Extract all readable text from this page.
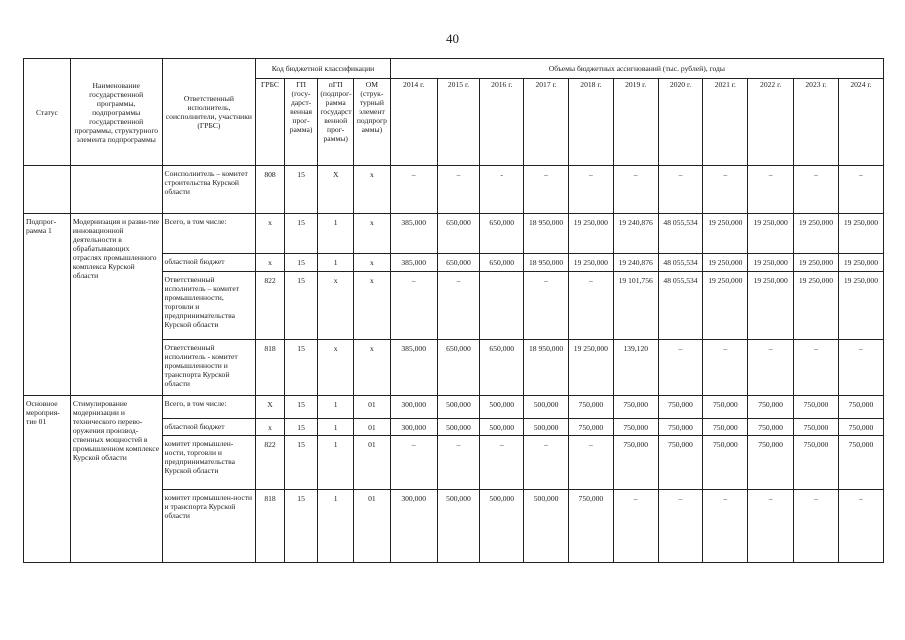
40
Статус	Наименование государственной программы, подпрограммы государственной программы, структурного элемента подпрограммы	Ответственный исполнитель, соисполнители, участники (ГРБС)	Код бюджетной классификации				Объемы бюджетных ассигнований (тыс. рублей), годы										
			ГРБС	ГП (госу-дарст-венная прог-рамма)	пГП (подпрог-рамма государст венной прог-раммы)	ОМ (струк-турный элемент подпрогр аммы)	2014 г.	2015 г.	2016 г.	2017 г.	2018 г.	2019 г.	2020 г.	2021 г.	2022 г.	2023 г.	2024 г.
		Соисполнитель – комитет строительства Курской области	808	15	Х	х	–	–	-	–	–	–	–	–	–	–	–
Подпрог-рамма 1	Модернизация и разви-тие инновационной деятельности в обрабатывающих отраслях промышленного комплекса Курской области	Всего, в том числе:	х	15	1	х	385,000	650,000	650,000	18 950,000	19 250,000	19 240,876	48 055,534	19 250,000	19 250,000	19 250,000	19 250,000
		областной бюджет	х	15	1	х	385,000	650,000	650,000	18 950,000	19 250,000	19 240,876	48 055,534	19 250,000	19 250,000	19 250,000	19 250,000
		Ответственный исполнитель – комитет промышленности, торговли и предпринимательства Курской области	822	15	х	х	–	–		–	–	19 101,756	48 055,534	19 250,000	19 250,000	19 250,000	19 250,000
		Ответственный исполнитель - комитет промышленности и транспорта Курской области	818	15	х	х	385,000	650,000	650,000	18 950,000	19 250,000	139,120	–	–	–	–	–
Основное мероприя-тие 01	Стимулирование модернизации и технического перево-оружения производ-ственных мощностей в промышленном комплексе Курской области	Всего, в том числе:	Х	15	1	01	300,000	500,000	500,000	500,000	750,000	750,000	750,000	750,000	750,000	750,000	750,000
		областной бюджет	х	15	1	01	300,000	500,000	500,000	500,000	750,000	750,000	750,000	750,000	750,000	750,000	750,000
		комитет промышлен-ности, торговли и предпринимательства Курской области	822	15	1	01	–	–	–	–	–	750,000	750,000	750,000	750,000	750,000	750,000
		комитет промышлен-ности и транспорта Курской области	818	15	1	01	300,000	500,000	500,000	500,000	750,000	–	–	–	–	–	–
